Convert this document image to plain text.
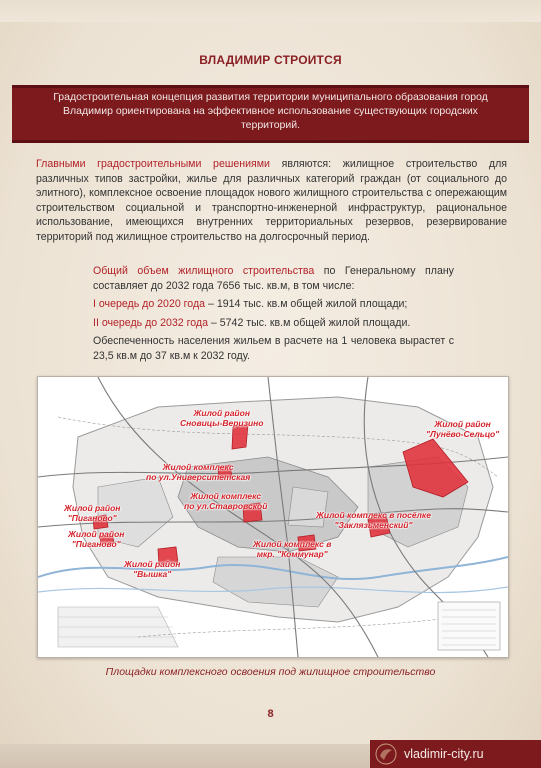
ВЛАДИМИР СТРОИТСЯ
Градостроительная концепция развития территории муниципального образования город Владимир ориентирована на эффективное использование существующих городских территорий.
Главными градостроительными решениями являются: жилищное строительство для различных типов застройки, жилье для различных категорий граждан (от социального до элитного), комплексное освоение площадок нового жилищного строительства с опережающим строительством социальной и транспортно-инженерной инфраструктур, рациональное использование, имеющихся внутренних территориальных резервов, резервирование территорий под жилищное строительство на долгосрочный период.

Общий объем жилищного строительства по Генеральному плану составляет до 2032 года 7656 тыс. кв.м, в том числе:

I очередь до 2020 года – 1914 тыс. кв.м общей жилой площади;

II очередь до 2032 года – 5742 тыс. кв.м общей жилой площади.

Обеспеченность населения жильем в расчете на 1 человека вырастет с 23,5 кв.м до 37 кв.м к 2032 году.

Жилой район
Сновицы-Веризино	Жилой район
"Лунёво-Сельцо"
Жилой комплекс
по ул.Университетская
Жилой комплекс
по ул.Ставровской
Жилой район
"Пиганово"
Жилой район
"Пиганово"
Жилой комплекс в посёлке
"Заклязьменский"
Жилой комплекс в
мкр. "Коммунар"
Жилой район
"Вышка"
Площадки комплексного освоения под жилищное строительство
8
vladimir-city.ru
